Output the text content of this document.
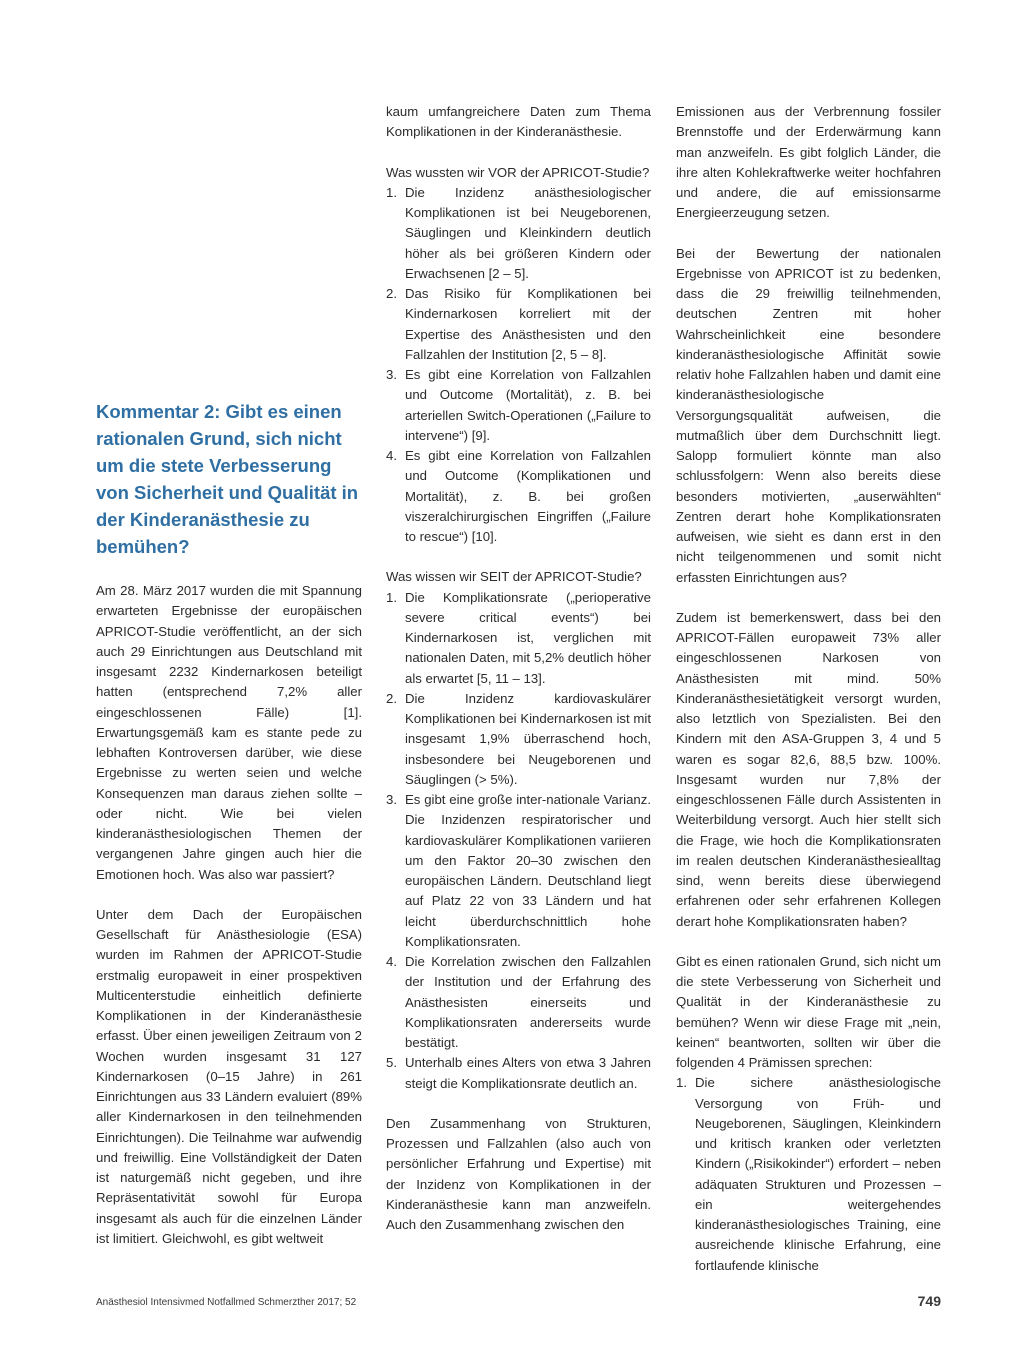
Kommentar 2: Gibt es einen rationalen Grund, sich nicht um die stete Verbesserung von Sicherheit und Qualität in der Kinderanästhesie zu bemühen?

Am 28. März 2017 wurden die mit Spannung erwarteten Ergebnisse der europäischen APRICOT-Studie veröffentlicht, an der sich auch 29 Einrichtungen aus Deutschland mit insgesamt 2232 Kindernarkosen beteiligt hatten (entsprechend 7,2% aller eingeschlossenen Fälle) [1]. Erwartungsgemäß kam es stante pede zu lebhaften Kontroversen darüber, wie diese Ergebnisse zu werten seien und welche Konsequenzen man daraus ziehen sollte – oder nicht. Wie bei vielen kinderanästhesiologischen Themen der vergangenen Jahre gingen auch hier die Emotionen hoch. Was also war passiert?

Unter dem Dach der Europäischen Gesellschaft für Anästhesiologie (ESA) wurden im Rahmen der APRICOT-Studie erstmalig europaweit in einer prospektiven Multicenterstudie einheitlich definierte Komplikationen in der Kinderanästhesie erfasst. Über einen jeweiligen Zeitraum von 2 Wochen wurden insgesamt 31 127 Kindernarkosen (0–15 Jahre) in 261 Einrichtungen aus 33 Ländern evaluiert (89% aller Kindernarkosen in den teilnehmenden Einrichtungen). Die Teilnahme war aufwendig und freiwillig. Eine Vollständigkeit der Daten ist naturgemäß nicht gegeben, und ihre Repräsentativität sowohl für Europa insgesamt als auch für die einzelnen Länder ist limitiert. Gleichwohl, es gibt weltweit

kaum umfangreichere Daten zum Thema Komplikationen in der Kinderanästhesie.

Was wussten wir VOR der APRICOT-Studie?
1. Die Inzidenz anästhesiologischer Komplikationen ist bei Neugeborenen, Säuglingen und Kleinkindern deutlich höher als bei größeren Kindern oder Erwachsenen [2 – 5].
2. Das Risiko für Komplikationen bei Kindernarkosen korreliert mit der Expertise des Anästhesisten und den Fallzahlen der Institution [2, 5 – 8].
3. Es gibt eine Korrelation von Fallzahlen und Outcome (Mortalität), z. B. bei arteriellen Switch-Operationen („Failure to intervene“) [9].
4. Es gibt eine Korrelation von Fallzahlen und Outcome (Komplikationen und Mortalität), z. B. bei großen viszeralchirurgischen Eingriffen („Failure to rescue“) [10].
Was wissen wir SEIT der APRICOT-Studie?
1. Die Komplikationsrate („perioperative severe critical events“) bei Kindernarkosen ist, verglichen mit nationalen Daten, mit 5,2% deutlich höher als erwartet [5, 11 – 13].
2. Die Inzidenz kardiovaskulärer Komplikationen bei Kindernarkosen ist mit insgesamt 1,9% überraschend hoch, insbesondere bei Neugeborenen und Säuglingen (> 5%).
3. Es gibt eine große inter-nationale Varianz. Die Inzidenzen respiratorischer und kardiovaskulärer Komplikationen variieren um den Faktor 20–30 zwischen den europäischen Ländern. Deutschland liegt auf Platz 22 von 33 Ländern und hat leicht überdurchschnittlich hohe Komplikationsraten.
4. Die Korrelation zwischen den Fallzahlen der Institution und der Erfahrung des Anästhesisten einerseits und Komplikationsraten andererseits wurde bestätigt.
5. Unterhalb eines Alters von etwa 3 Jahren steigt die Komplikationsrate deutlich an.

Den Zusammenhang von Strukturen, Prozessen und Fallzahlen (also auch von persönlicher Erfahrung und Expertise) mit der Inzidenz von Komplikationen in der Kinderanästhesie kann man anzweifeln. Auch den Zusammenhang zwischen den

Emissionen aus der Verbrennung fossiler Brennstoffe und der Erderwärmung kann man anzweifeln. Es gibt folglich Länder, die ihre alten Kohlekraftwerke weiter hochfahren und andere, die auf emissionsarme Energieerzeugung setzen.

Bei der Bewertung der nationalen Ergebnisse von APRICOT ist zu bedenken, dass die 29 freiwillig teilnehmenden, deutschen Zentren mit hoher Wahrscheinlichkeit eine besondere kinderanästhesiologische Affinität sowie relativ hohe Fallzahlen haben und damit eine kinderanästhesiologische Versorgungsqualität aufweisen, die mutmaßlich über dem Durchschnitt liegt. Salopp formuliert könnte man also schlussfolgern: Wenn also bereits diese besonders motivierten, „auserwählten“ Zentren derart hohe Komplikationsraten aufweisen, wie sieht es dann erst in den nicht teilgenommenen und somit nicht erfassten Einrichtungen aus?

Zudem ist bemerkenswert, dass bei den APRICOT-Fällen europaweit 73% aller eingeschlossenen Narkosen von Anästhesisten mit mind. 50% Kinderanästhesietätigkeit versorgt wurden, also letztlich von Spezialisten. Bei den Kindern mit den ASA-Gruppen 3, 4 und 5 waren es sogar 82,6, 88,5 bzw. 100%. Insgesamt wurden nur 7,8% der eingeschlossenen Fälle durch Assistenten in Weiterbildung versorgt. Auch hier stellt sich die Frage, wie hoch die Komplikationsraten im realen deutschen Kinderanästhesiealltag sind, wenn bereits diese überwiegend erfahrenen oder sehr erfahrenen Kollegen derart hohe Komplikationsraten haben?

Gibt es einen rationalen Grund, sich nicht um die stete Verbesserung von Sicherheit und Qualität in der Kinderanästhesie zu bemühen? Wenn wir diese Frage mit „nein, keinen“ beantworten, sollten wir über die folgenden 4 Prämissen sprechen:

1. Die sichere anästhesiologische Versorgung von Früh- und Neugeborenen, Säuglingen, Kleinkindern und kritisch kranken oder verletzten Kindern („Risikokinder“) erfordert – neben adäquaten Strukturen und Prozessen – ein weitergehendes kinderanästhesiologisches Training, eine ausreichende klinische Erfahrung, eine fortlaufende klinische
Anästhesiol Intensivmed Notfallmed Schmerzther 2017; 52	749
